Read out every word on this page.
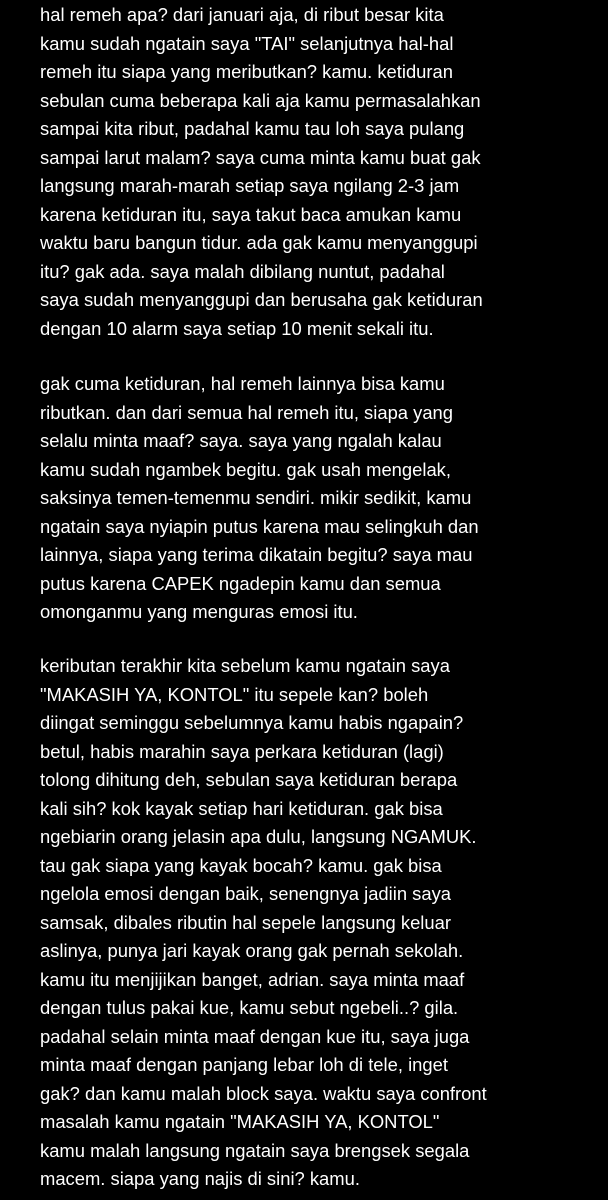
hal remeh apa? dari januari aja, di ribut besar kita
kamu sudah ngatain saya "TAI" selanjutnya hal-hal
remeh itu siapa yang meributkan? kamu. ketiduran
sebulan cuma beberapa kali aja kamu permasalahkan
sampai kita ribut, padahal kamu tau loh saya pulang
sampai larut malam? saya cuma minta kamu buat gak
langsung marah-marah setiap saya ngilang 2-3 jam
karena ketiduran itu, saya takut baca amukan kamu
waktu baru bangun tidur. ada gak kamu menyanggupi
itu? gak ada. saya malah dibilang nuntut, padahal
saya sudah menyanggupi dan berusaha gak ketiduran
dengan 10 alarm saya setiap 10 menit sekali itu.

gak cuma ketiduran, hal remeh lainnya bisa kamu
ributkan. dan dari semua hal remeh itu, siapa yang
selalu minta maaf? saya. saya yang ngalah kalau
kamu sudah ngambek begitu. gak usah mengelak,
saksinya temen-temenmu sendiri. mikir sedikit, kamu
ngatain saya nyiapin putus karena mau selingkuh dan
lainnya, siapa yang terima dikatain begitu? saya mau
putus karena CAPEK ngadepin kamu dan semua
omonganmu yang menguras emosi itu.

keributan terakhir kita sebelum kamu ngatain saya
"MAKASIH YA, KONTOL" itu sepele kan? boleh
diingat seminggu sebelumnya kamu habis ngapain?
betul, habis marahin saya perkara ketiduran (lagi)
tolong dihitung deh, sebulan saya ketiduran berapa
kali sih? kok kayak setiap hari ketiduran. gak bisa
ngebiarin orang jelasin apa dulu, langsung NGAMUK.
tau gak siapa yang kayak bocah? kamu. gak bisa
ngelola emosi dengan baik, senengnya jadiin saya
samsak, dibales ributin hal sepele langsung keluar
aslinya, punya jari kayak orang gak pernah sekolah.
kamu itu menjijikan banget, adrian. saya minta maaf
dengan tulus pakai kue, kamu sebut ngebeli..? gila.
padahal selain minta maaf dengan kue itu, saya juga
minta maaf dengan panjang lebar loh di tele, inget
gak? dan kamu malah block saya. waktu saya confront
masalah kamu ngatain "MAKASIH YA, KONTOL"
kamu malah langsung ngatain saya brengsek segala
macem. siapa yang najis di sini? kamu.
